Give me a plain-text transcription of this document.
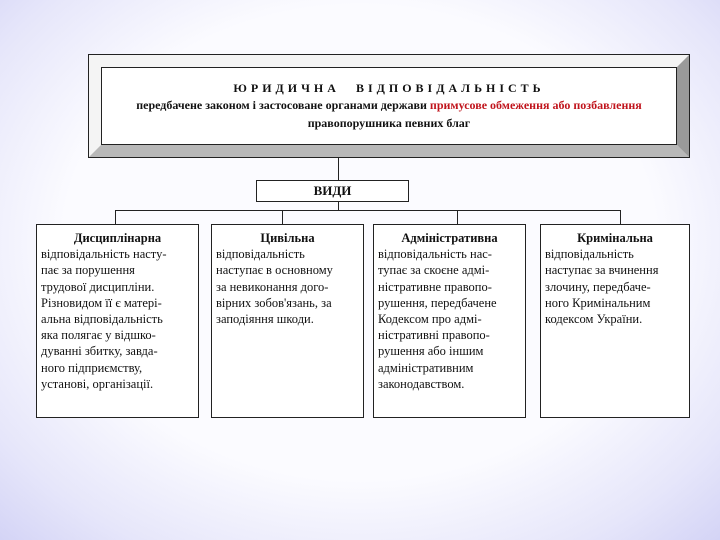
ЮРИДИЧНА ВІДПОВІДАЛЬНІСТЬ
передбачене законом і застосоване органами держави примусове обмеження або позбавлення правопорушника певних благ
ВИДИ
Дисциплінарна
відповідальність насту-
пає за порушення
трудової дисципліни.
Різновидом її є матері-
альна відповідальність
яка полягає у відшко-
дуванні збитку, завда-
ного підприємству,
установі, організації.
Цивільна
відповідальність
наступає в основному
за невиконання дого-
вірних зобов'язань, за
заподіяння шкоди.
Адміністративна
відповідальність нас-
тупає за скоєне адмі-
ністративне правопо-
рушення, передбачене
Кодексом про адмі-
ністративні правопо-
рушення або іншим
адміністративним
законодавством.
Кримінальна
відповідальність
наступає за вчинення
злочину, передбаче-
ного Кримінальним
кодексом України.
